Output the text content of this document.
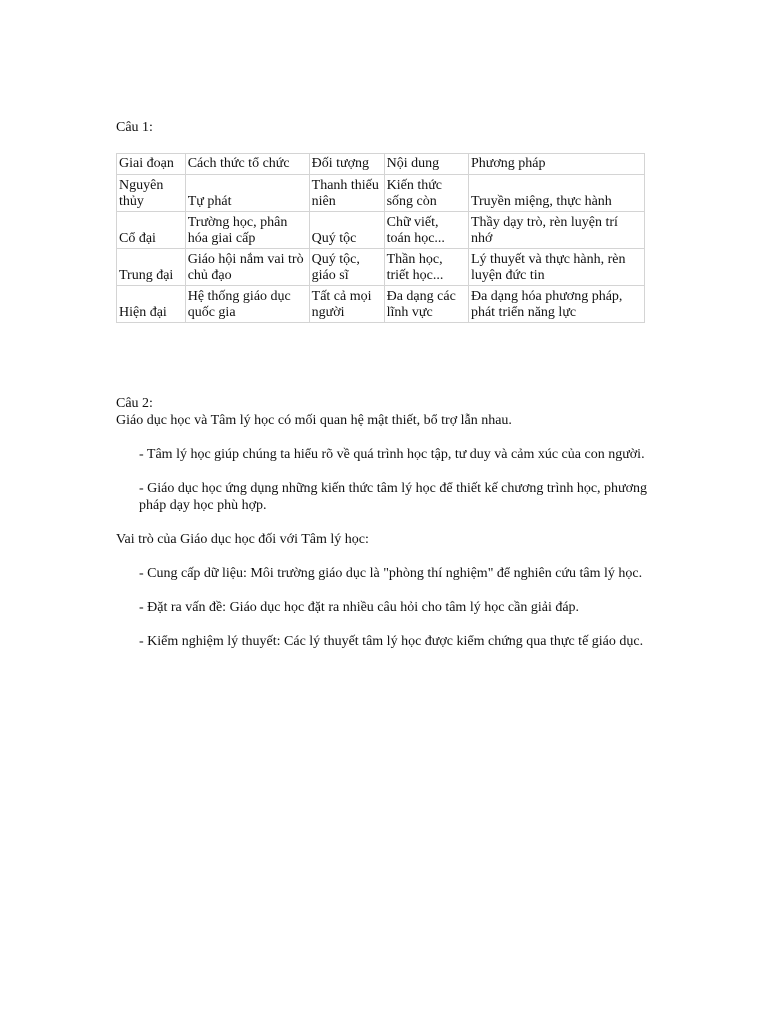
Câu 1:
Giai đoạn	Cách thức tổ chức	Đối tượng	Nội dung	Phương pháp
Nguyên thủy	Tự phát	Thanh thiếu niên	Kiến thức sống còn	Truyền miệng, thực hành
Cổ đại	Trường học, phân hóa giai cấp	Quý tộc	Chữ viết, toán học...	Thầy dạy trò, rèn luyện trí nhớ
Trung đại	Giáo hội nắm vai trò chủ đạo	Quý tộc, giáo sĩ	Thần học, triết học...	Lý thuyết và thực hành, rèn luyện đức tin
Hiện đại	Hệ thống giáo dục quốc gia	Tất cả mọi người	Đa dạng các lĩnh vực	Đa dạng hóa phương pháp, phát triển năng lực

Câu 2:

Giáo dục học và Tâm lý học có mối quan hệ mật thiết, bổ trợ lẫn nhau.

- Tâm lý học giúp chúng ta hiểu rõ về quá trình học tập, tư duy và cảm xúc của con người.

- Giáo dục học ứng dụng những kiến thức tâm lý học để thiết kế chương trình học, phương pháp dạy học phù hợp.

Vai trò của Giáo dục học đối với Tâm lý học:

- Cung cấp dữ liệu: Môi trường giáo dục là "phòng thí nghiệm" để nghiên cứu tâm lý học.

- Đặt ra vấn đề: Giáo dục học đặt ra nhiều câu hỏi cho tâm lý học cần giải đáp.

- Kiểm nghiệm lý thuyết: Các lý thuyết tâm lý học được kiểm chứng qua thực tế giáo dục.
